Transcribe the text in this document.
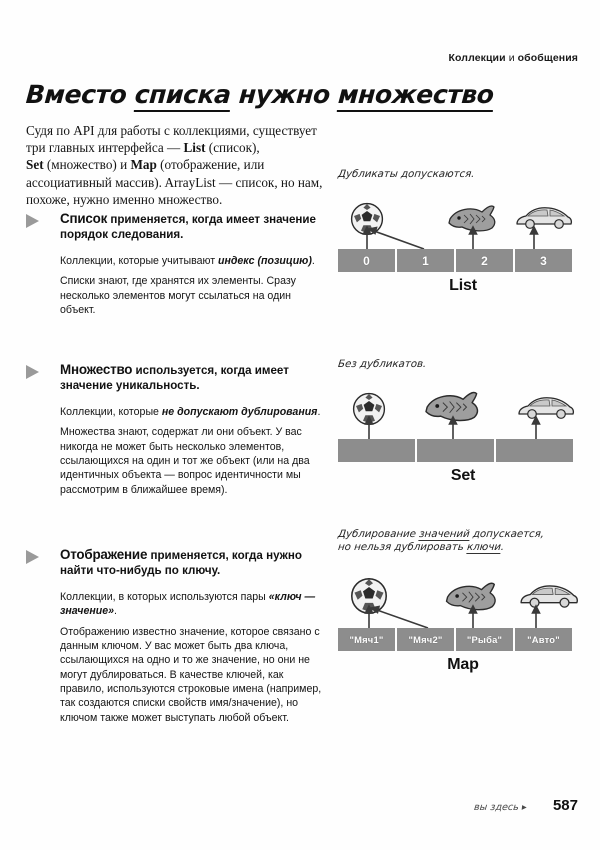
Коллекции и обобщения
Вместо списка нужно множество
Судя по API для работы с коллекциями, существует
три главных интерфейса — List (список),
Set (множество) и Map (отображение, или
ассоциативный массив). ArrayList — список, но нам,
похоже, нужно именно множество.
Список применяется, когда имеет значение порядок следования.

Коллекции, которые учитывают индекс (позицию).

Списки знают, где хранятся их элементы. Сразу несколько элементов могут ссылаться на один объект.

Множество используется, когда имеет значение уникальность.

Коллекции, которые не допускают дублирования.

Множества знают, содержат ли они объект. У вас никогда не может быть несколько элементов, ссылающихся на один и тот же объект (или на два идентичных объекта — вопрос идентичности мы рассмотрим в ближайшее время).

Отображение применяется, когда нужно найти что-нибудь по ключу.

Коллекции, в которых используются пары «ключ — значение».

Отображению известно значение, которое связано с данным ключом. У вас может быть два ключа, ссылающихся на одно и то же значение, но они не могут дублироваться. В качестве ключей, как правило, используются строковые имена (например, так создаются списки свойств имя/значение), но ключом также может выступать любой объект.

Дубликаты допускаются.
0	1	2	3
List
Без дубликатов.
Set
Дублирование значений допускается,
но нельзя дублировать ключи.
"Мяч1"	"Мяч2"	"Рыба"	"Авто"
Map
вы здесь ▸ 587
